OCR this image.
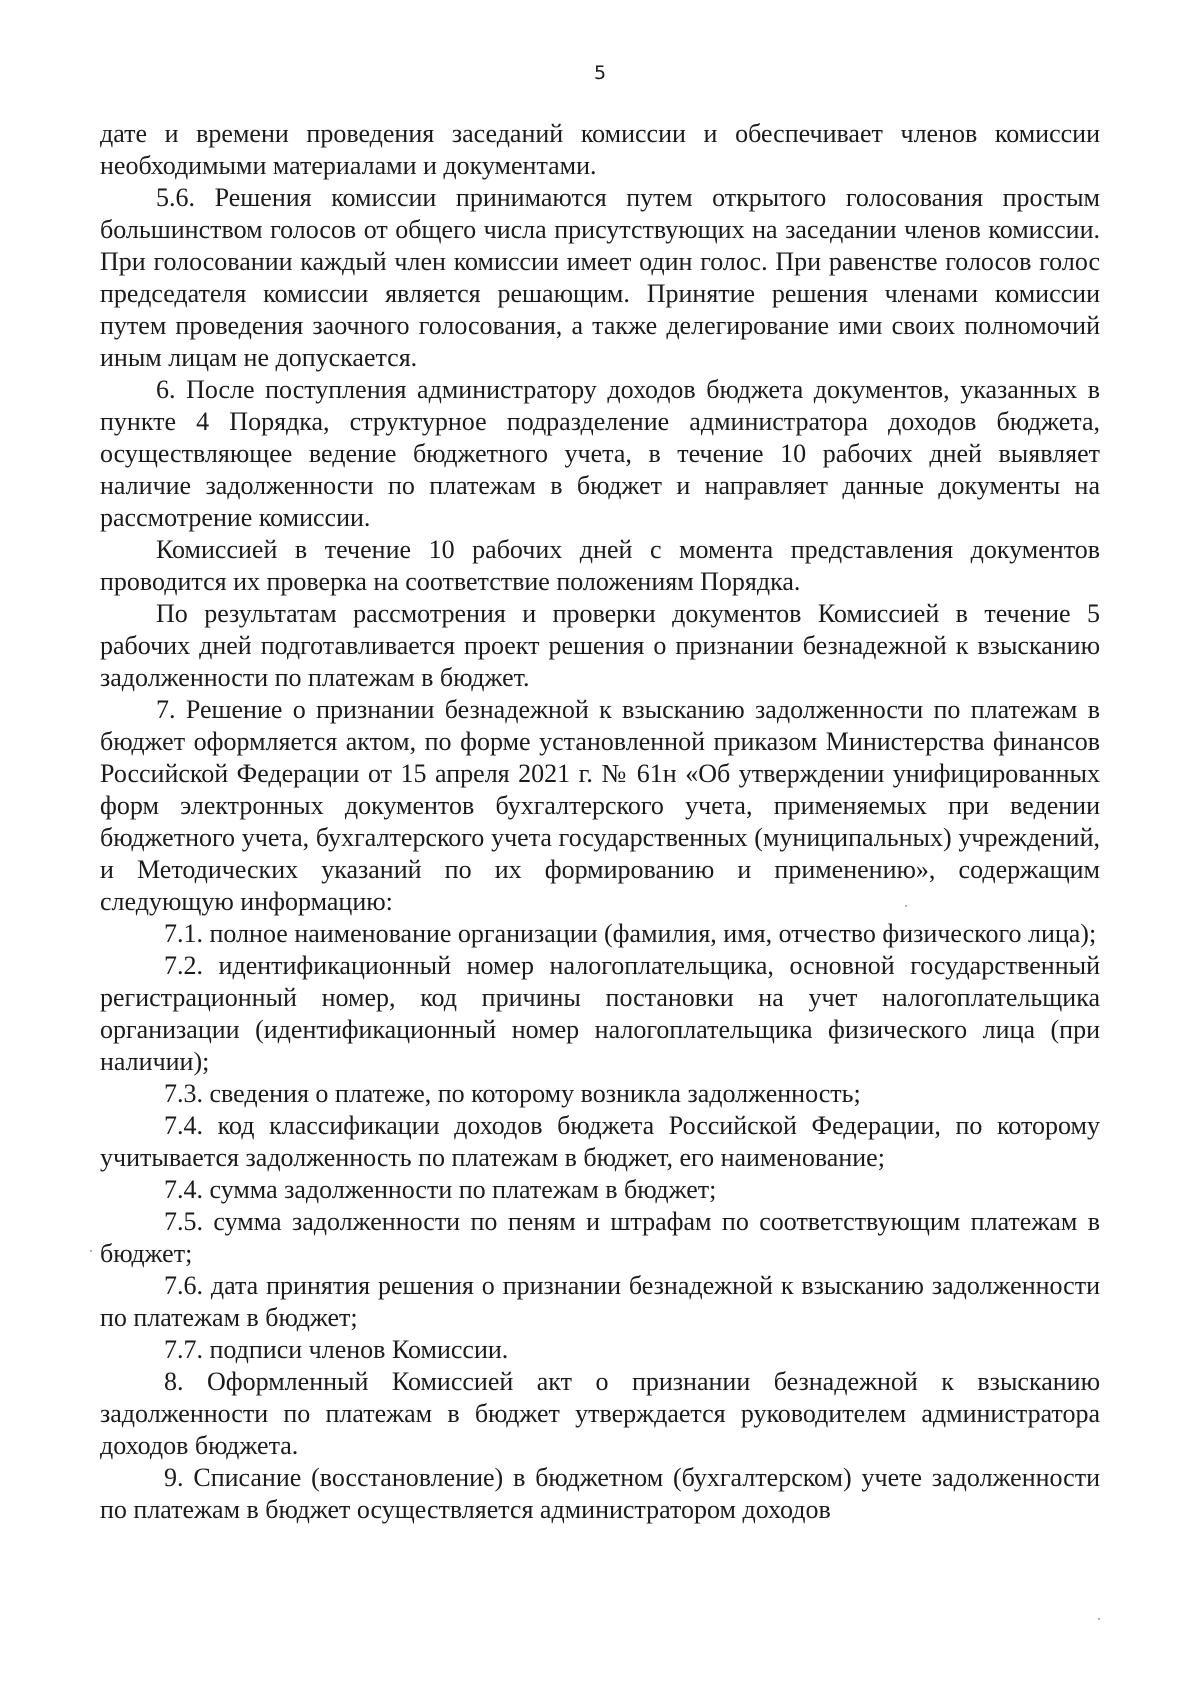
5

дате и времени проведения заседаний комиссии и обеспечивает членов комиссии необходимыми материалами и документами.

5.6. Решения комиссии принимаются путем открытого голосования простым большинством голосов от общего числа присутствующих на заседании членов комиссии. При голосовании каждый член комиссии имеет один голос. При равенстве голосов голос председателя комиссии является решающим. Принятие решения членами комиссии путем проведения заочного голосования, а также делегирование ими своих полномочий иным лицам не допускается.

6. После поступления администратору доходов бюджета документов, указанных в пункте 4 Порядка, структурное подразделение администратора доходов бюджета, осуществляющее ведение бюджетного учета, в течение 10 рабочих дней выявляет наличие задолженности по платежам в бюджет и направляет данные документы на рассмотрение комиссии.

Комиссией в течение 10 рабочих дней с момента представления документов проводится их проверка на соответствие положениям Порядка.

По результатам рассмотрения и проверки документов Комиссией в течение 5 рабочих дней подготавливается проект решения о признании безнадежной к взысканию задолженности по платежам в бюджет.

7. Решение о признании безнадежной к взысканию задолженности по платежам в бюджет оформляется актом, по форме установленной приказом Министерства финансов Российской Федерации от 15 апреля 2021 г. № 61н «Об утверждении унифицированных форм электронных документов бухгалтерского учета, применяемых при ведении бюджетного учета, бухгалтерского учета государственных (муниципальных) учреждений, и Методических указаний по их формированию и применению», содержащим следующую информацию:

7.1. полное наименование организации (фамилия, имя, отчество физического лица);

7.2. идентификационный номер налогоплательщика, основной государственный регистрационный номер, код причины постановки на учет налогоплательщика организации (идентификационный номер налогоплательщика физического лица (при наличии);

7.3. сведения о платеже, по которому возникла задолженность;

7.4. код классификации доходов бюджета Российской Федерации, по которому учитывается задолженность по платежам в бюджет, его наименование;

7.4. сумма задолженности по платежам в бюджет;

7.5. сумма задолженности по пеням и штрафам по соответствующим платежам в бюджет;

7.6. дата принятия решения о признании безнадежной к взысканию задолженности по платежам в бюджет;

7.7. подписи членов Комиссии.

8. Оформленный Комиссией акт о признании безнадежной к взысканию задолженности по платежам в бюджет утверждается руководителем администратора доходов бюджета.

9. Списание (восстановление) в бюджетном (бухгалтерском) учете задолженности по платежам в бюджет осуществляется администратором доходов
